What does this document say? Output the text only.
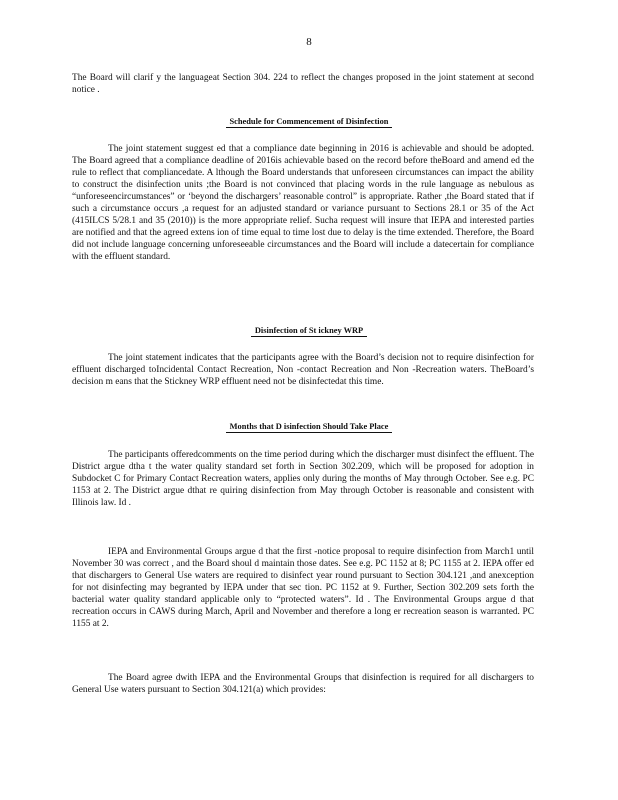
8

The Board will clarif y the languageat Section 304. 224 to reflect the changes proposed in the joint statement at second notice .

Schedule for Commencement of Disinfection

The joint statement suggest ed that a compliance date beginning in 2016 is achievable and should be adopted. The Board agreed that a compliance deadline of 2016is achievable based on the record before theBoard and amend ed the rule to reflect that compliancedate. A lthough the Board understands that unforeseen circumstances can impact the ability to construct the disinfection units ;the Board is not convinced that placing words in the rule language as nebulous as “unforeseencircumstances” or ‘beyond the dischargers’ reasonable control” is appropriate. Rather ,the Board stated that if such a circumstance occurs ,a request for an adjusted standard or variance pursuant to Sections 28.1 or 35 of the Act (415ILCS 5/28.1 and 35 (2010)) is the more appropriate relief. Sucha request will insure that IEPA and interested parties are notified and that the agreed extens ion of time equal to time lost due to delay is the time extended. Therefore, the Board did not include language concerning unforeseeable circumstances and the Board will include a datecertain for compliance with the effluent standard.

Disinfection of St ickney WRP

The joint statement indicates that the participants agree with the Board’s decision not to require disinfection for effluent discharged toIncidental Contact Recreation, Non -contact Recreation and Non -Recreation waters. TheBoard’s decision m eans that the Stickney WRP effluent need not be disinfectedat this time.

Months that D isinfection Should Take Place

The participants offeredcomments on the time period during which the discharger must disinfect the effluent. The District argue dtha t the water quality standard set forth in Section 302.209, which will be proposed for adoption in Subdocket C for Primary Contact Recreation waters, applies only during the months of May through October. See e.g. PC 1153 at 2. The District argue dthat re quiring disinfection from May through October is reasonable and consistent with Illinois law. Id .

IEPA and Environmental Groups argue d that the first -notice proposal to require disinfection from March1 until November 30 was correct , and the Board shoul d maintain those dates. See e.g. PC 1152 at 8; PC 1155 at 2. IEPA offer ed that dischargers to General Use waters are required to disinfect year round pursuant to Section 304.121 ,and anexception for not disinfecting may begranted by IEPA under that sec tion. PC 1152 at 9. Further, Section 302.209 sets forth the bacterial water quality standard applicable only to “protected waters”. Id . The Environmental Groups argue d that recreation occurs in CAWS during March, April and November and therefore a long er recreation season is warranted. PC 1155 at 2.

The Board agree dwith IEPA and the Environmental Groups that disinfection is required for all dischargers to General Use waters pursuant to Section 304.121(a) which provides:
